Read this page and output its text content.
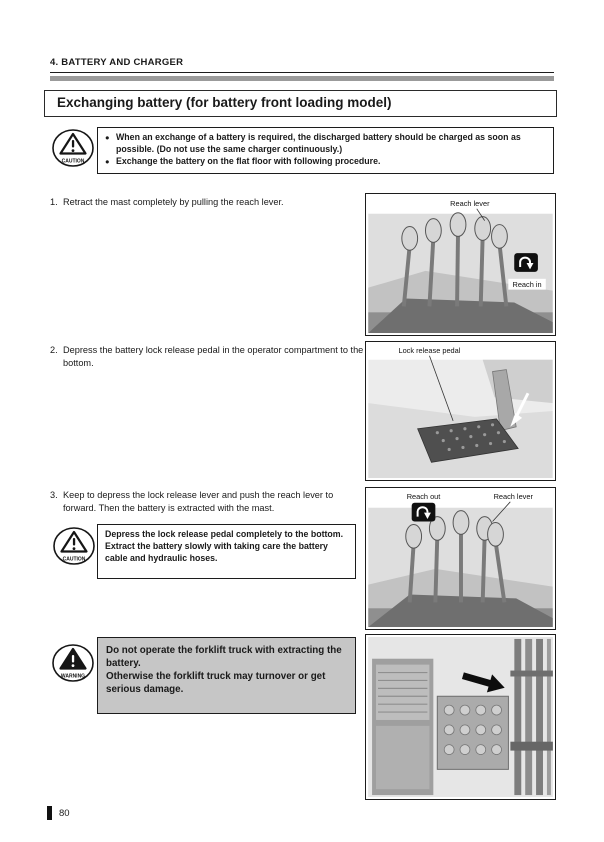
4. BATTERY AND CHARGER
Exchanging battery (for battery front loading model)
CAUTION
● When an exchange of a battery is required, the discharged battery should be charged as soon as possible. (Do not use the same charger continuously.)
● Exchange the battery on the flat floor with following procedure.
1. Retract the mast completely by pulling the reach lever.	Reach lever
Reach in
2. Depress the battery lock release pedal in the operator compartment to the bottom.
Lock release pedal
3. Keep to depress the lock release lever and push the reach lever to forward. Then the battery is extracted with the mast.
CAUTION
Depress the lock release pedal completely to the bottom. Extract the battery slowly with taking care the battery cable and hydraulic hoses.
Reach out	Reach lever
WARNING
Do not operate the forklift truck with extracting the battery.
Otherwise the forklift truck may turnover or get serious damage.
80
